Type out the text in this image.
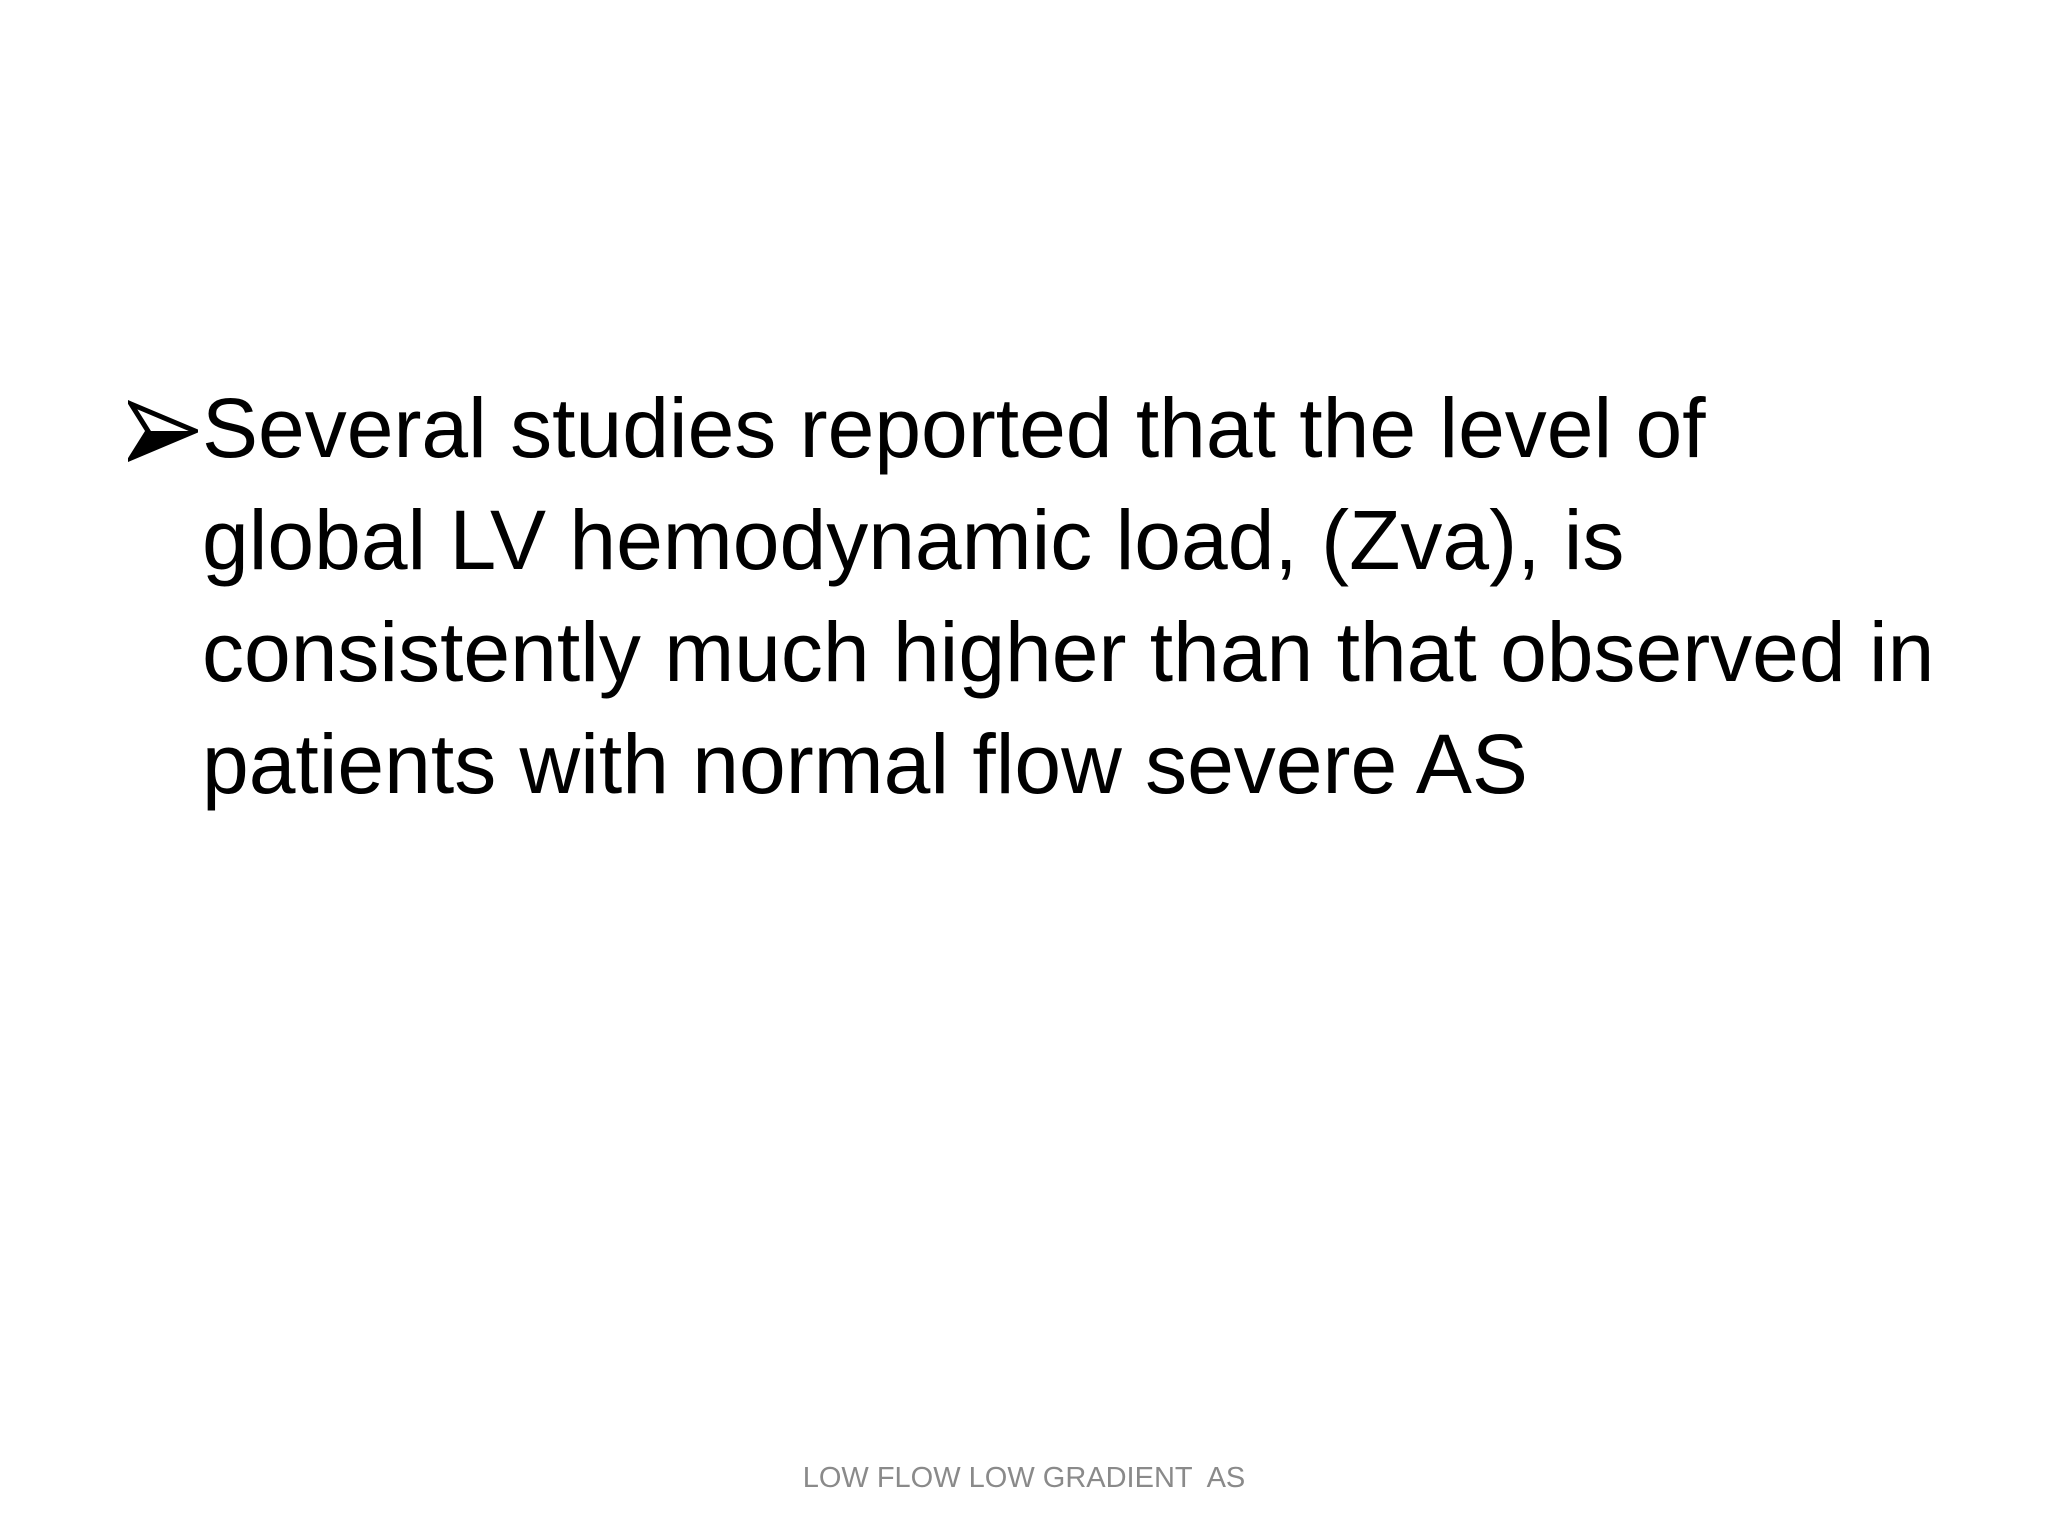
Several studies reported that the level of global LV hemodynamic load, (Zva), is consistently much higher than that observed in patients with normal flow severe AS
LOW FLOW LOW GRADIENT  AS
